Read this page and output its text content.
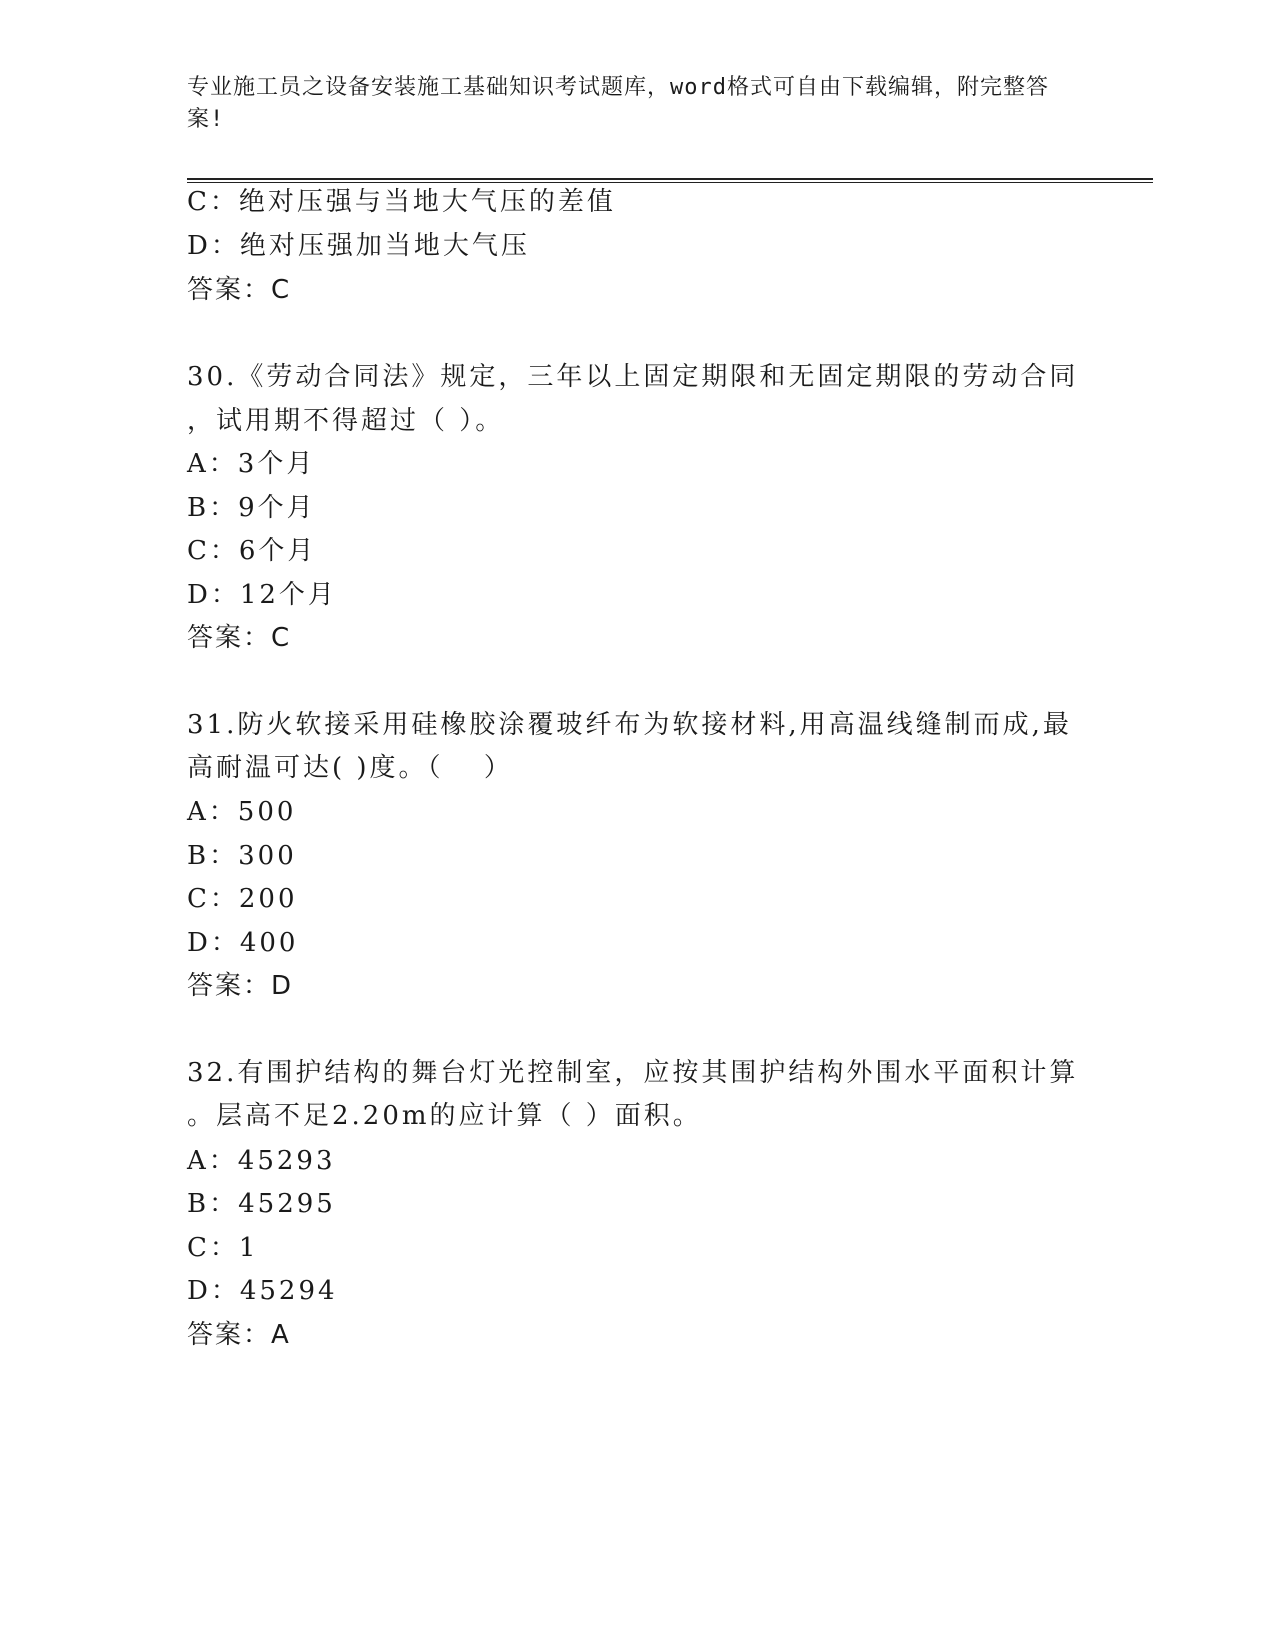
专业施工员之设备安装施工基础知识考试题库，word格式可自由下载编辑，附完整答案!
C：绝对压强与当地大气压的差值
D：绝对压强加当地大气压
答案：C
30.《劳动合同法》规定，三年以上固定期限和无固定期限的劳动合同
，试用期不得超过（ ）。
A：3个月
B：9个月
C：6个月
D：12个月
答案：C
31.防火软接采用硅橡胶涂覆玻纤布为软接材料,用高温线缝制而成,最
高耐温可达( )度。（　 ）
A：500
B：300
C：200
D：400
答案：D
32.有围护结构的舞台灯光控制室，应按其围护结构外围水平面积计算
。层高不足2.20m的应计算（ ）面积。
A：45293
B：45295
C：1
D：45294
答案：A
